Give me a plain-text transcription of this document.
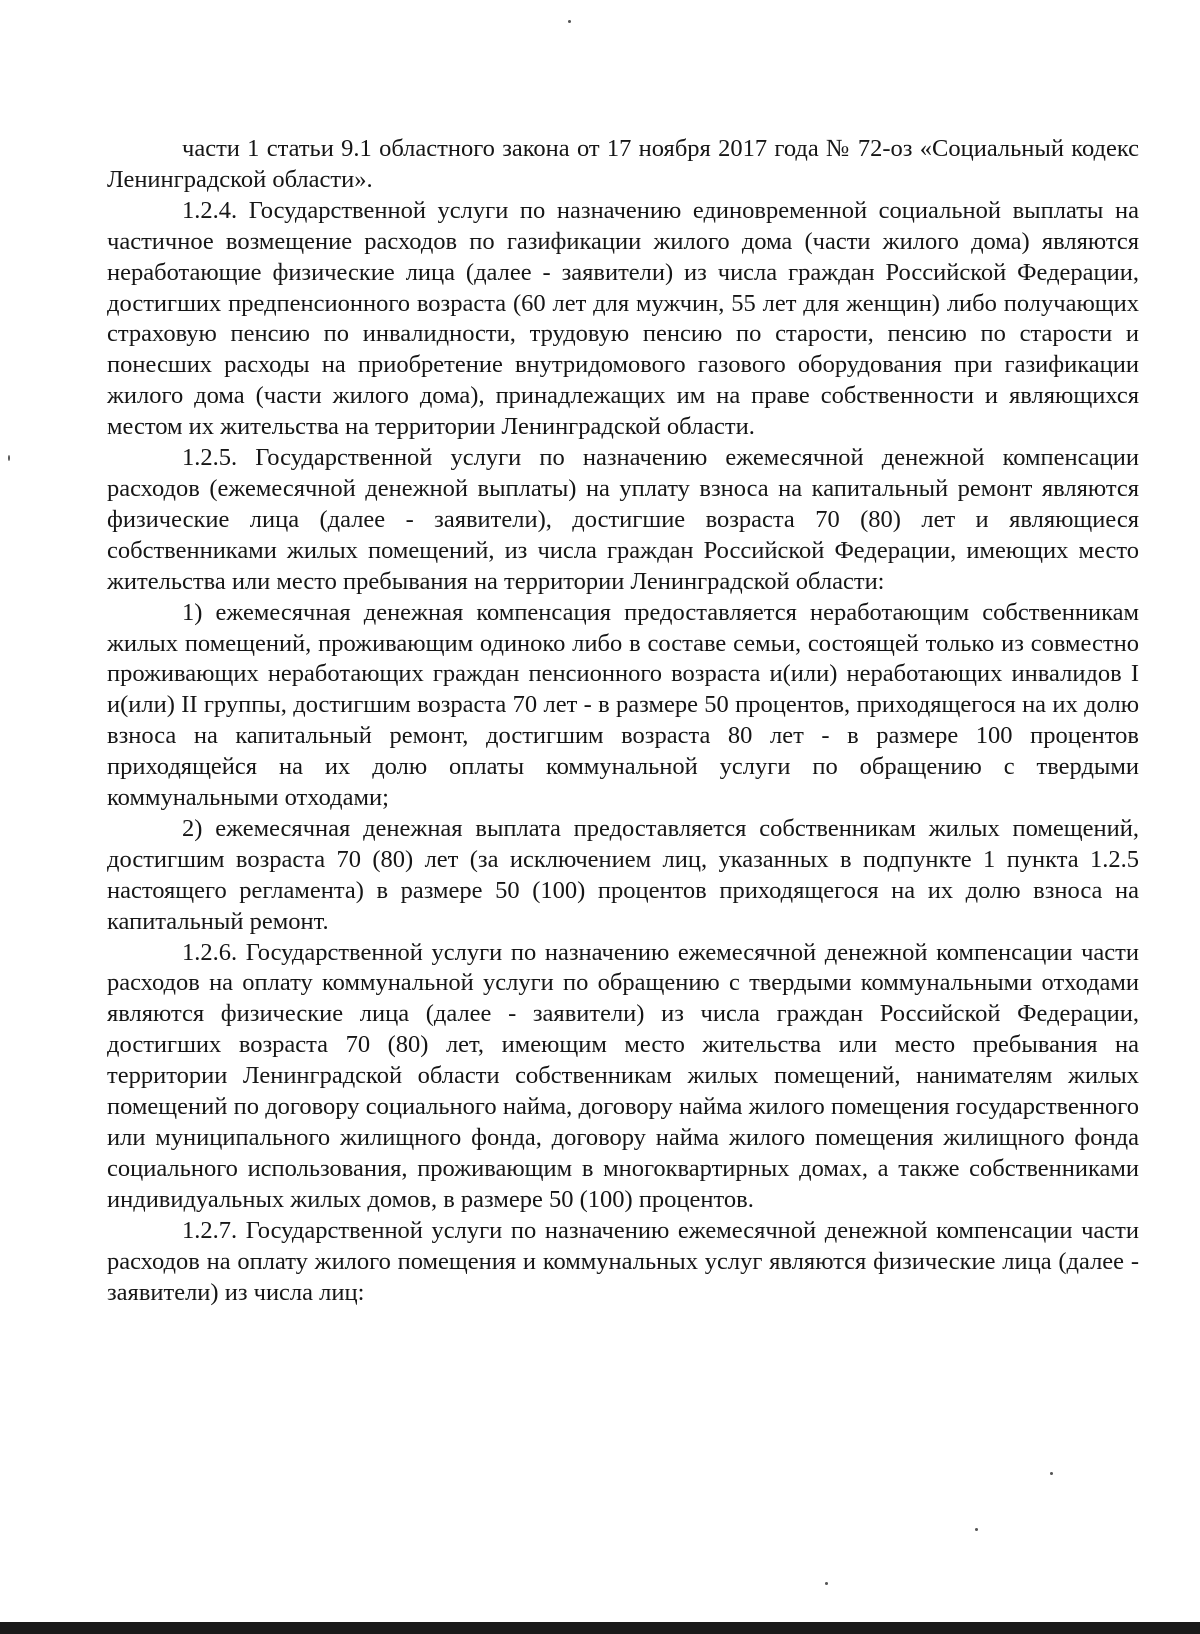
части 1 статьи 9.1 областного закона от 17 ноября 2017 года № 72-оз «Социальный кодекс Ленинградской области».

1.2.4. Государственной услуги по назначению единовременной социальной выплаты на частичное возмещение расходов по газификации жилого дома (части жилого дома) являются неработающие физические лица (далее - заявители) из числа граждан Российской Федерации, достигших предпенсионного возраста (60 лет для мужчин, 55 лет для женщин) либо получающих страховую пенсию по инвалидности, трудовую пенсию по старости, пенсию по старости и понесших расходы на приобретение внутридомового газового оборудования при газификации жилого дома (части жилого дома), принадлежащих им на праве собственности и являющихся местом их жительства на территории Ленинградской области.

1.2.5. Государственной услуги по назначению ежемесячной денежной компенсации расходов (ежемесячной денежной выплаты) на уплату взноса на капитальный ремонт являются физические лица (далее - заявители), достигшие возраста 70 (80) лет и являющиеся собственниками жилых помещений, из числа граждан Российской Федерации, имеющих место жительства или место пребывания на территории Ленинградской области:

1) ежемесячная денежная компенсация предоставляется неработающим собственникам жилых помещений, проживающим одиноко либо в составе семьи, состоящей только из совместно проживающих неработающих граждан пенсионного возраста и(или) неработающих инвалидов I и(или) II группы, достигшим возраста 70 лет - в размере 50 процентов, приходящегося на их долю взноса на капитальный ремонт, достигшим возраста 80 лет - в размере 100 процентов приходящейся на их долю оплаты коммунальной услуги по обращению с твердыми коммунальными отходами;

2) ежемесячная денежная выплата предоставляется собственникам жилых помещений, достигшим возраста 70 (80) лет (за исключением лиц, указанных в подпункте 1 пункта 1.2.5 настоящего регламента) в размере 50 (100) процентов приходящегося на их долю взноса на капитальный ремонт.

1.2.6. Государственной услуги по назначению ежемесячной денежной компенсации части расходов на оплату коммунальной услуги по обращению с твердыми коммунальными отходами являются физические лица (далее - заявители) из числа граждан Российской Федерации, достигших возраста 70 (80) лет, имеющим место жительства или место пребывания на территории Ленинградской области собственникам жилых помещений, нанимателям жилых помещений по договору социального найма, договору найма жилого помещения государственного или муниципального жилищного фонда, договору найма жилого помещения жилищного фонда социального использования, проживающим в многоквартирных домах, а также собственниками индивидуальных жилых домов, в размере 50 (100) процентов.

1.2.7. Государственной услуги по назначению ежемесячной денежной компенсации части расходов на оплату жилого помещения и коммунальных услуг являются физические лица (далее - заявители) из числа лиц:
